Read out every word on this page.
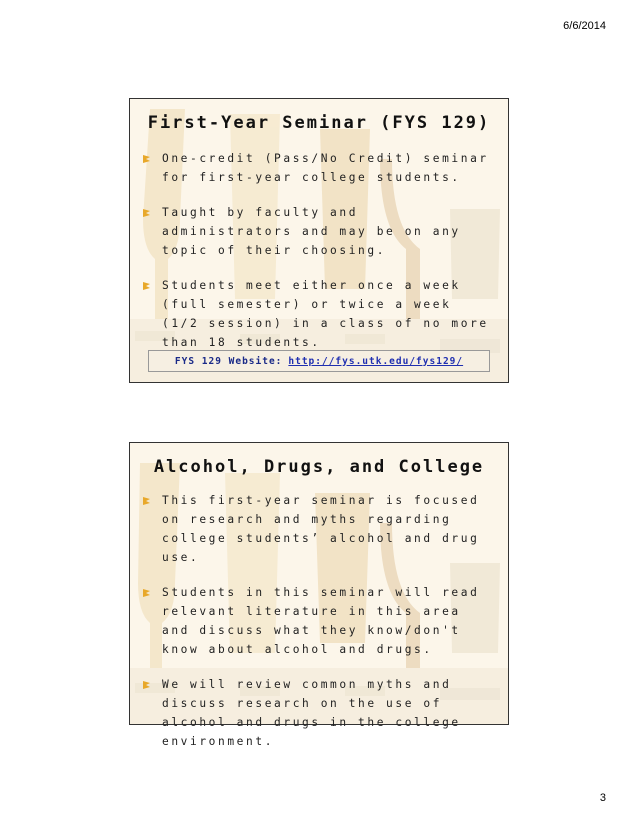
6/6/2014
First-Year Seminar (FYS 129)
One-credit (Pass/No Credit) seminar for first-year college students.
Taught by faculty and administrators and may be on any topic of their choosing.
Students meet either once a week (full semester) or twice a week (1/2 session) in a class of no more than 18 students.
FYS 129 Website: http://fys.utk.edu/fys129/
Alcohol, Drugs, and College
This first-year seminar is focused on research and myths regarding college students’ alcohol and drug use.
Students in this seminar will read relevant literature in this area and discuss what they know/don't know about alcohol and drugs.
We will review common myths and discuss research on the use of alcohol and drugs in the college environment.
3
